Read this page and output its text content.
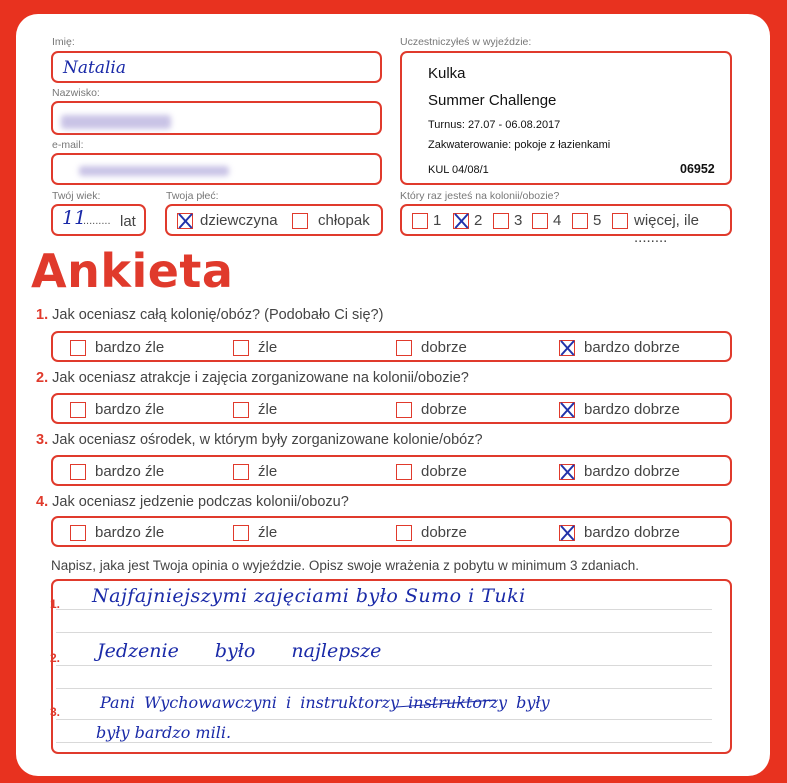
Imię:
Natalia
Nazwisko:
e-mail:
Uczestniczyłeś w wyjeździe:
Kulka
Summer Challenge
Turnus: 27.07 - 06.08.2017
Zakwaterowanie: pokoje z łazienkami
KUL 04/08/1	06952
Twój wiek:
11
......... lat
Twoja płeć:
dziewczyna	chłopak
Który raz jesteś na kolonii/obozie?
1 2 3 4 5 więcej, ile ........
Ankieta
1. Jak oceniasz całą kolonię/obóz? (Podobało Ci się?)
bardzo źle	źle	dobrze	bardzo dobrze
2. Jak oceniasz atrakcje i zajęcia zorganizowane na kolonii/obozie?
bardzo źle	źle	dobrze	bardzo dobrze
3. Jak oceniasz ośrodek, w którym były zorganizowane kolonie/obóz?
bardzo źle	źle	dobrze	bardzo dobrze
4. Jak oceniasz jedzenie podczas kolonii/obozu?
bardzo źle	źle	dobrze	bardzo dobrze
Napisz, jaka jest Twoja opinia o wyjeździe. Opisz swoje wrażenia z pobytu w minimum 3 zdaniach.
1. Najfajniejszymi zajęciami było Sumo i Tuki
2. Jedzenie było najlepsze
3. Pani Wychowawczyni i instruktorzy instruktorzy były
były bardzo mili.
